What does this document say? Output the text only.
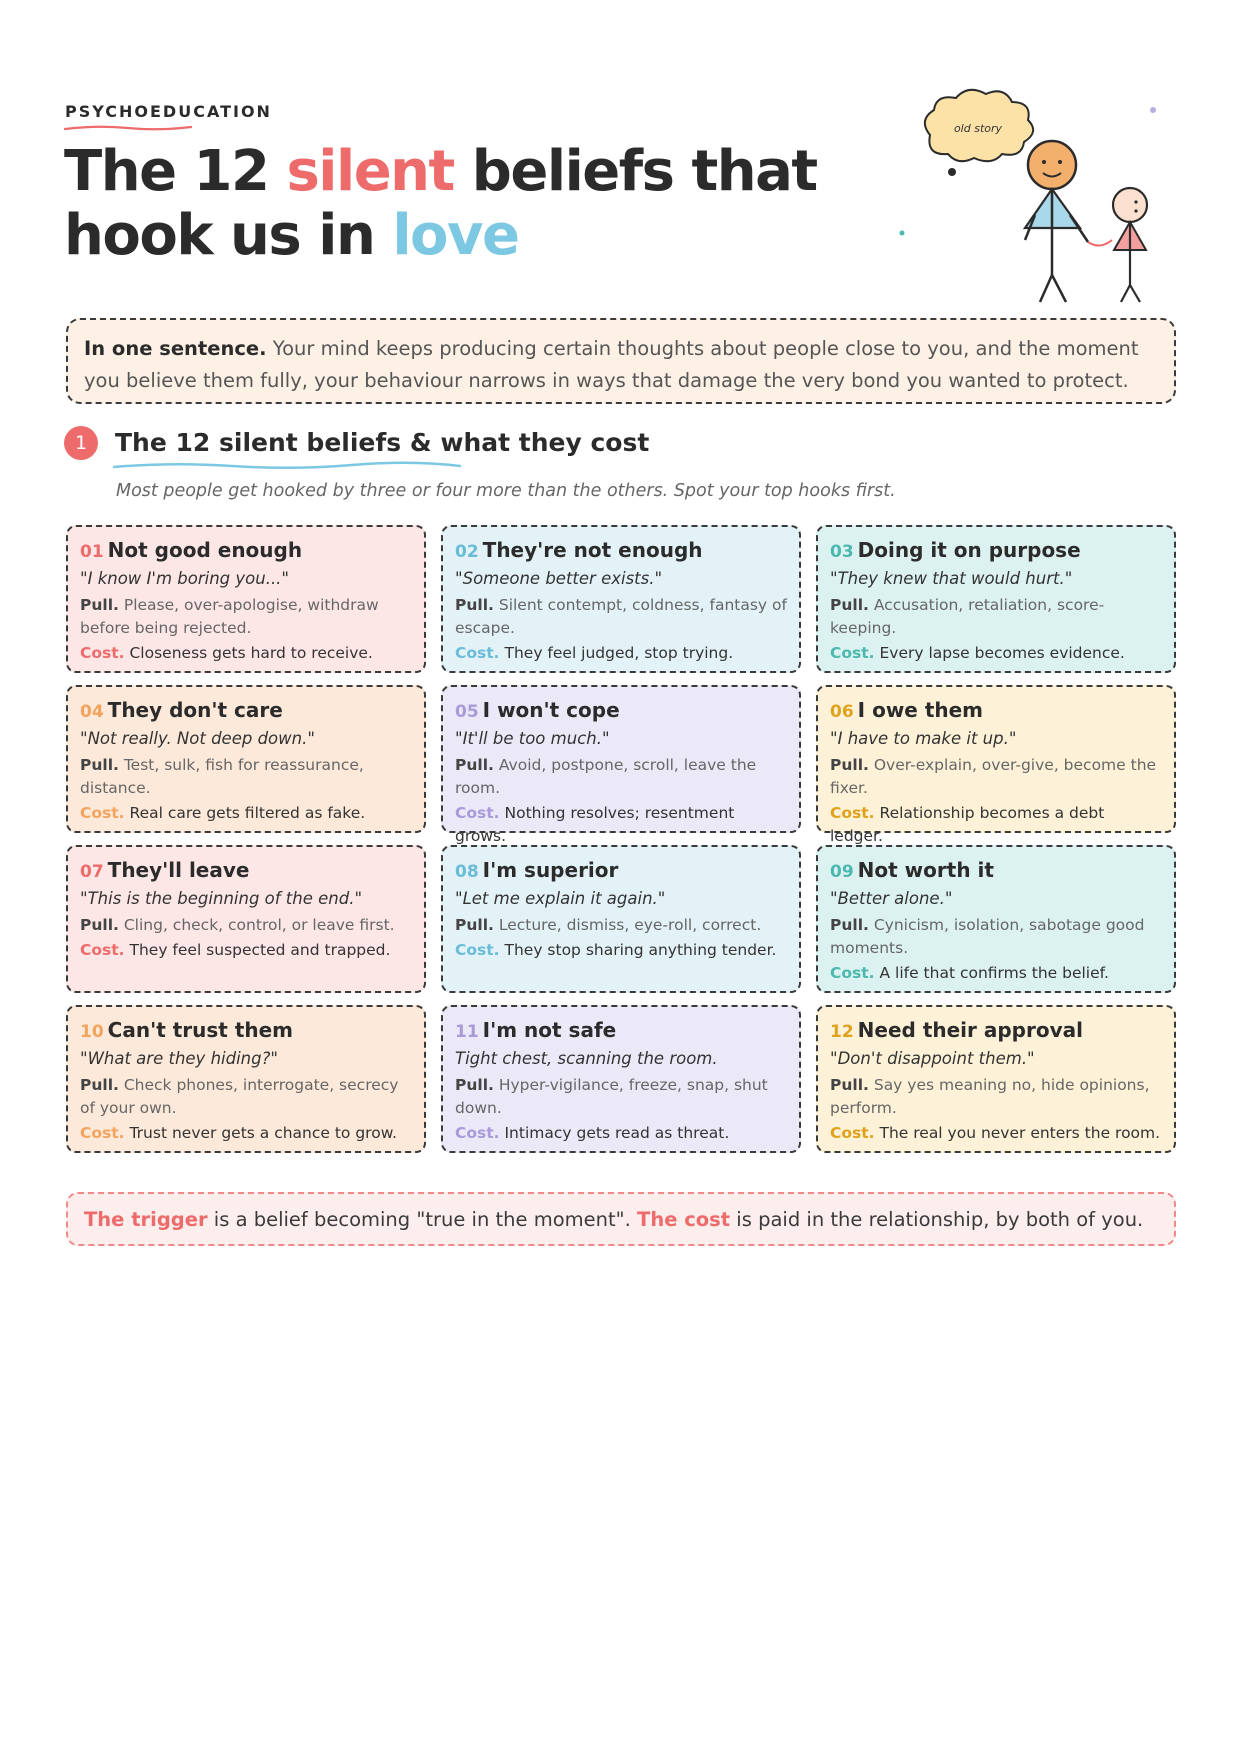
PSYCHOEDUCATION
The 12 silent beliefs that
hook us in love
old story
In one sentence. Your mind keeps producing certain thoughts about people close to you, and the moment you believe them fully, your behaviour narrows in ways that damage the very bond you wanted to protect.
1	The 12 silent beliefs & what they cost
Most people get hooked by three or four more than the others. Spot your top hooks first.
01 Not good enough
"I know I'm boring you..."
Pull. Please, over-apologise, withdraw before being rejected.
Cost. Closeness gets hard to receive.
02 They're not enough
"Someone better exists."
Pull. Silent contempt, coldness, fantasy of escape.
Cost. They feel judged, stop trying.
03 Doing it on purpose
"They knew that would hurt."
Pull. Accusation, retaliation, score-keeping.
Cost. Every lapse becomes evidence.
04 They don't care
"Not really. Not deep down."
Pull. Test, sulk, fish for reassurance, distance.
Cost. Real care gets filtered as fake.
05 I won't cope
"It'll be too much."
Pull. Avoid, postpone, scroll, leave the room.
Cost. Nothing resolves; resentment grows.
06 I owe them
"I have to make it up."
Pull. Over-explain, over-give, become the fixer.
Cost. Relationship becomes a debt ledger.
07 They'll leave
"This is the beginning of the end."
Pull. Cling, check, control, or leave first.
Cost. They feel suspected and trapped.
08 I'm superior
"Let me explain it again."
Pull. Lecture, dismiss, eye-roll, correct.
Cost. They stop sharing anything tender.
09 Not worth it
"Better alone."
Pull. Cynicism, isolation, sabotage good moments.
Cost. A life that confirms the belief.
10 Can't trust them
"What are they hiding?"
Pull. Check phones, interrogate, secrecy of your own.
Cost. Trust never gets a chance to grow.
11 I'm not safe
Tight chest, scanning the room.
Pull. Hyper-vigilance, freeze, snap, shut down.
Cost. Intimacy gets read as threat.
12 Need their approval
"Don't disappoint them."
Pull. Say yes meaning no, hide opinions, perform.
Cost. The real you never enters the room.
The trigger is a belief becoming "true in the moment". The cost is paid in the relationship, by both of you.
